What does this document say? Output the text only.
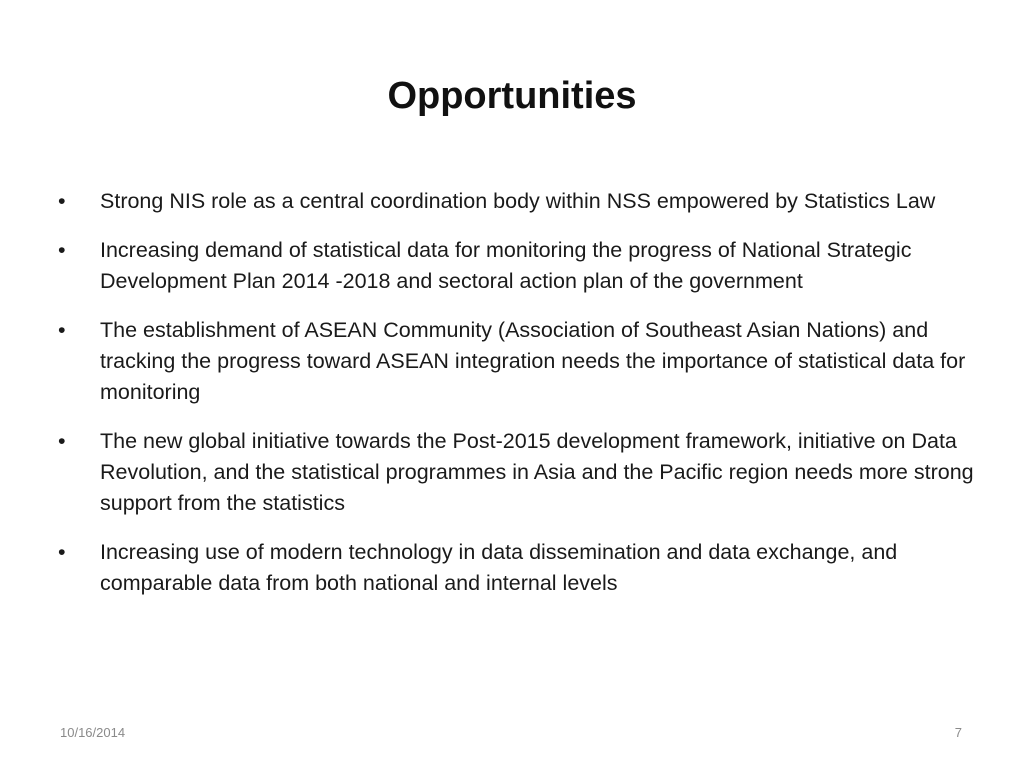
Opportunities
•	Strong NIS role as a central coordination body within NSS empowered by Statistics Law
•	Increasing demand of statistical data for monitoring the progress of National Strategic Development Plan 2014 -2018 and sectoral action plan of the government
•	The establishment of ASEAN Community (Association of Southeast Asian Nations) and tracking the progress toward ASEAN integration needs the importance of statistical data for monitoring
•	The new global initiative towards the Post-2015 development framework, initiative on Data Revolution, and the statistical programmes in Asia and the Pacific region needs more strong support from the statistics
•	Increasing use of modern technology in data dissemination and data exchange, and comparable data from both national and internal levels
10/16/2014	7
